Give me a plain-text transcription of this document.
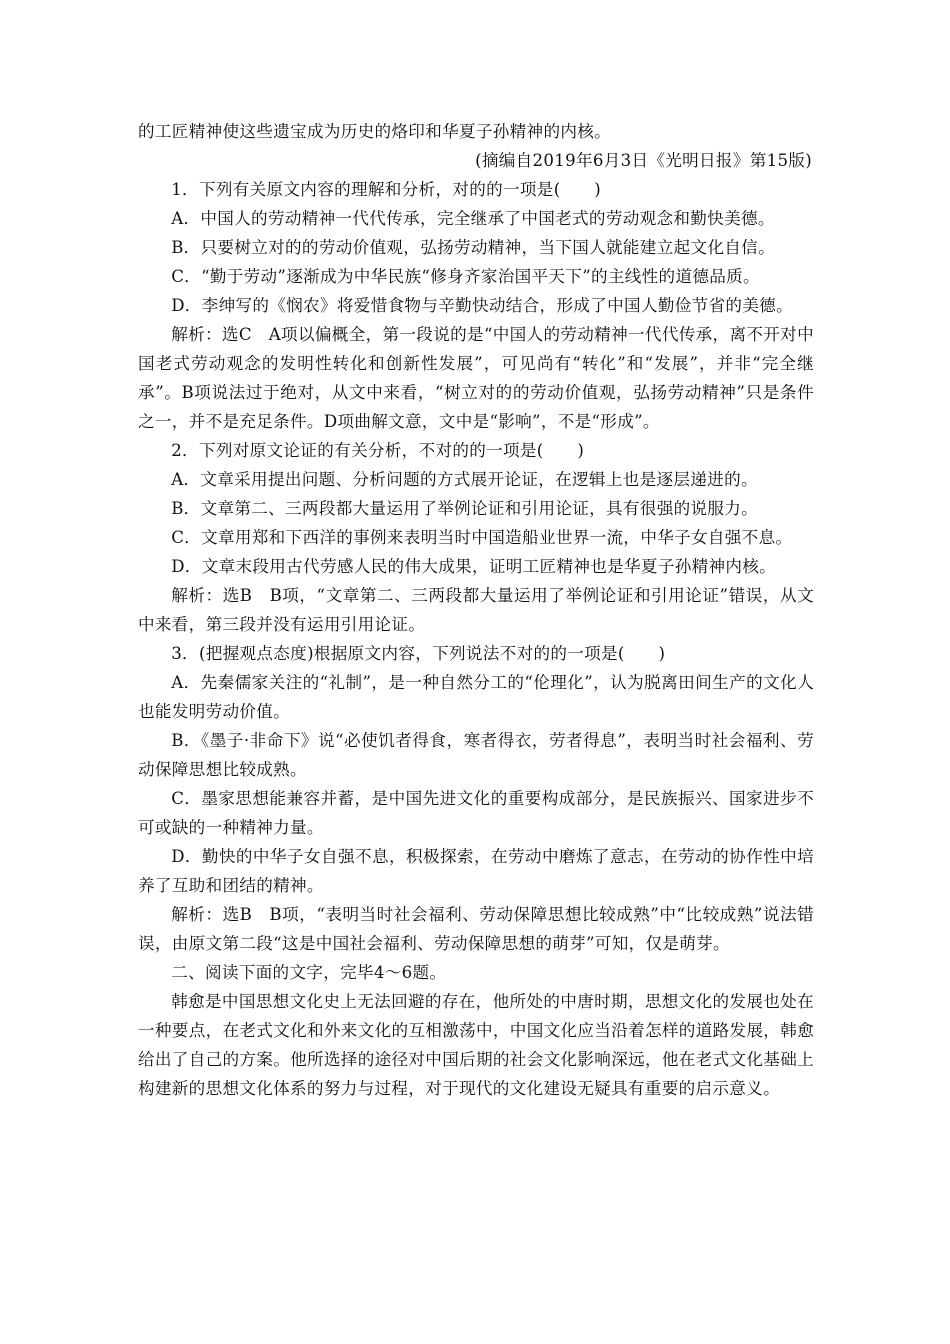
的工匠精神使这些遗宝成为历史的烙印和华夏子孙精神的内核。

(摘编自2019年6月3日《光明日报》第15版)

1．下列有关原文内容的理解和分析，对的的一项是(　　)

A．中国人的劳动精神一代代传承，完全继承了中国老式的劳动观念和勤快美德。

B．只要树立对的的劳动价值观，弘扬劳动精神，当下国人就能建立起文化自信。

C．“勤于劳动”逐渐成为中华民族“修身齐家治国平天下”的主线性的道德品质。

D．李绅写的《悯农》将爱惜食物与辛勤快动结合，形成了中国人勤俭节省的美德。

解析：选C　A项以偏概全，第一段说的是“中国人的劳动精神一代代传承，离不开对中国老式劳动观念的发明性转化和创新性发展”，可见尚有“转化”和“发展”，并非“完全继承”。B项说法过于绝对，从文中来看，“树立对的的劳动价值观，弘扬劳动精神”只是条件之一，并不是充足条件。D项曲解文意，文中是“影响”，不是“形成”。

2．下列对原文论证的有关分析，不对的的一项是(　　)

A．文章采用提出问题、分析问题的方式展开论证，在逻辑上也是逐层递进的。

B．文章第二、三两段都大量运用了举例论证和引用论证，具有很强的说服力。

C．文章用郑和下西洋的事例来表明当时中国造船业世界一流，中华子女自强不息。

D．文章末段用古代劳感人民的伟大成果，证明工匠精神也是华夏子孙精神内核。

解析：选B　B项，“文章第二、三两段都大量运用了举例论证和引用论证”错误，从文中来看，第三段并没有运用引用论证。

3．(把握观点态度)根据原文内容，下列说法不对的的一项是(　　)

A．先秦儒家关注的“礼制”，是一种自然分工的“伦理化”，认为脱离田间生产的文化人也能发明劳动价值。

B．《墨子·非命下》说“必使饥者得食，寒者得衣，劳者得息”，表明当时社会福利、劳动保障思想比较成熟。

C．墨家思想能兼容并蓄，是中国先进文化的重要构成部分，是民族振兴、国家进步不可或缺的一种精神力量。

D．勤快的中华子女自强不息，积极探索，在劳动中磨炼了意志，在劳动的协作性中培养了互助和团结的精神。

解析：选B　B项，“表明当时社会福利、劳动保障思想比较成熟”中“比较成熟”说法错误，由原文第二段“这是中国社会福利、劳动保障思想的萌芽”可知，仅是萌芽。

二、阅读下面的文字，完毕4～6题。

韩愈是中国思想文化史上无法回避的存在，他所处的中唐时期，思想文化的发展也处在一种要点，在老式文化和外来文化的互相激荡中，中国文化应当沿着怎样的道路发展，韩愈给出了自己的方案。他所选择的途径对中国后期的社会文化影响深远，他在老式文化基础上构建新的思想文化体系的努力与过程，对于现代的文化建设无疑具有重要的启示意义。
